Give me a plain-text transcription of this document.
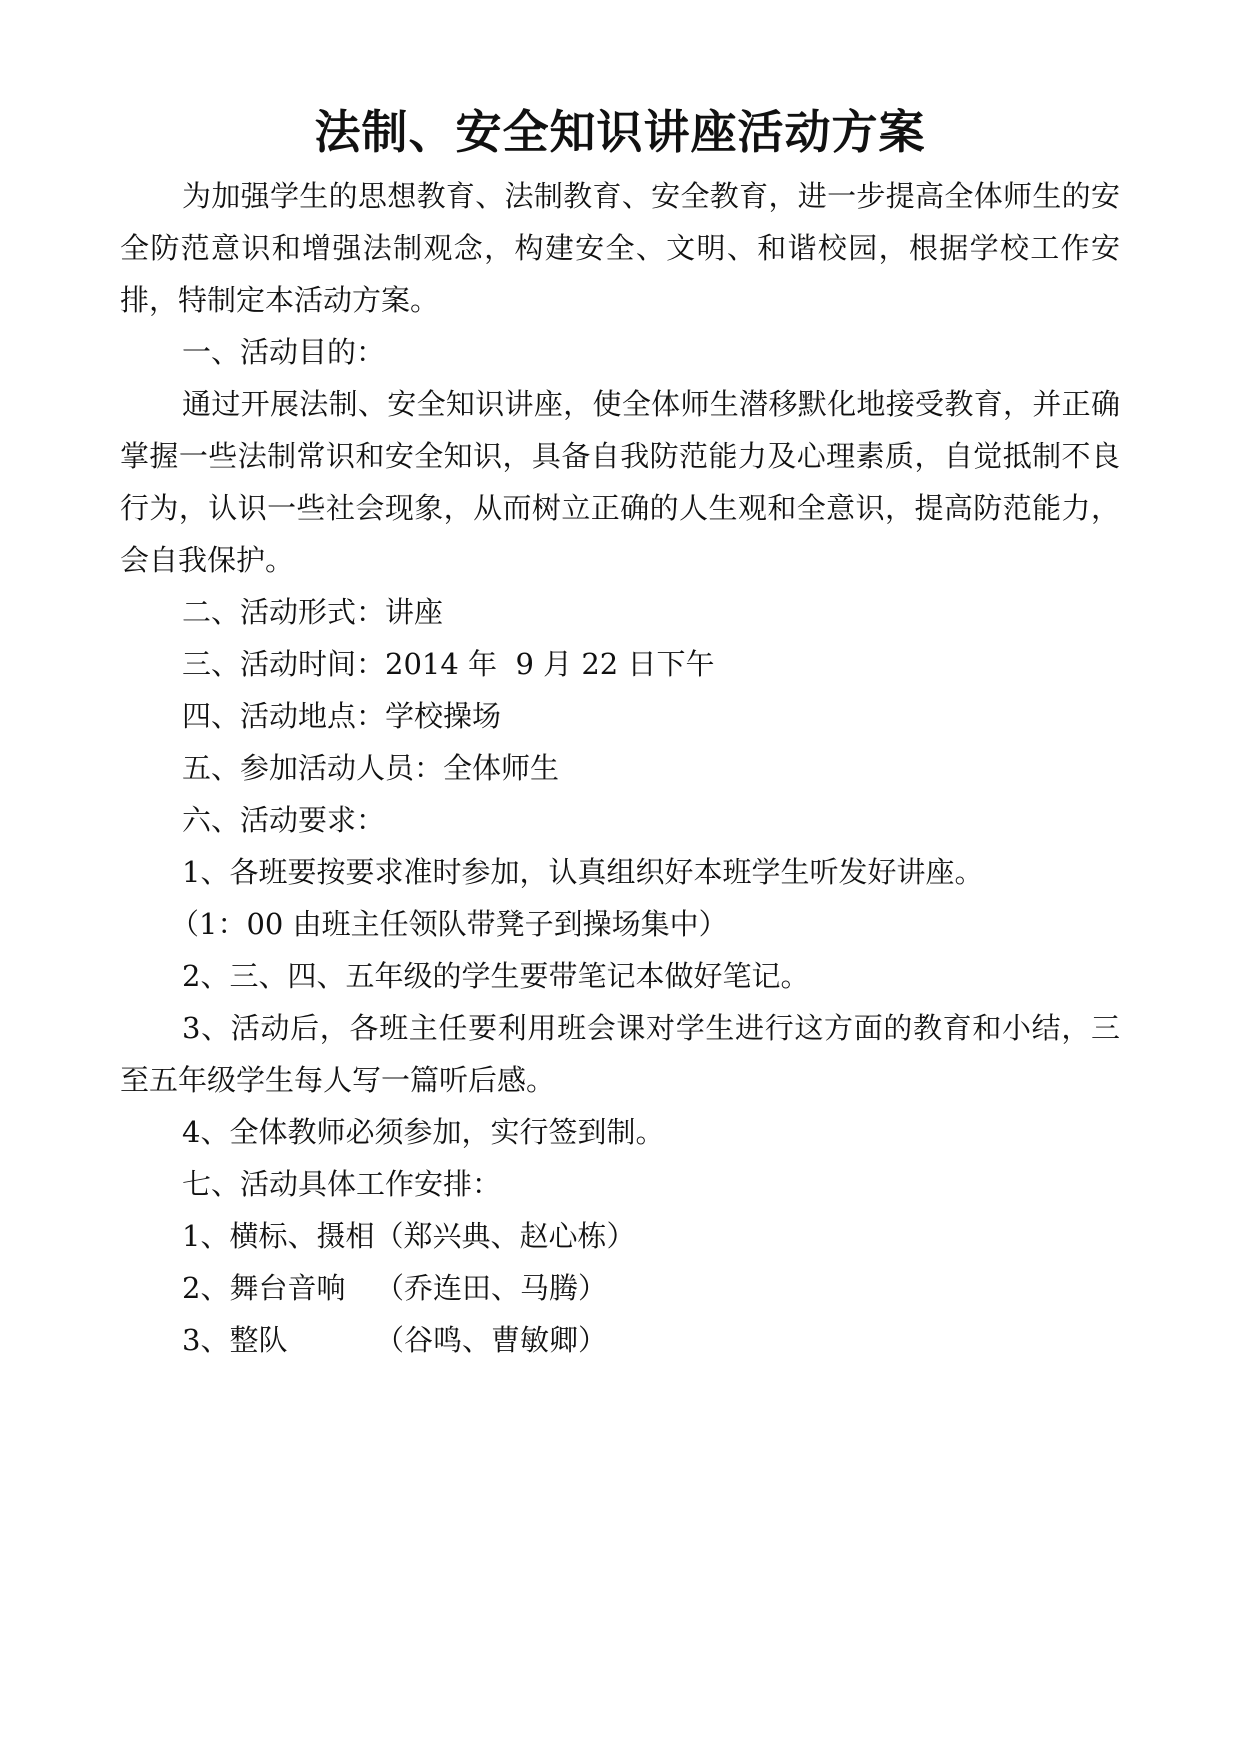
法制、安全知识讲座活动方案
为加强学生的思想教育、法制教育、安全教育，进一步提高全体师生的安全防范意识和增强法制观念，构建安全、文明、和谐校园，根据学校工作安排，特制定本活动方案。
一、活动目的：
通过开展法制、安全知识讲座，使全体师生潜移默化地接受教育，并正确掌握一些法制常识和安全知识，具备自我防范能力及心理素质，自觉抵制不良行为，认识一些社会现象，从而树立正确的人生观和全意识，提高防范能力，会自我保护。
二、活动形式：讲座
三、活动时间：2014 年  9 月 22 日下午
四、活动地点：学校操场
五、参加活动人员：全体师生
六、活动要求：
1、各班要按要求准时参加，认真组织好本班学生听发好讲座。
（1：00 由班主任领队带凳子到操场集中）
2、三、四、五年级的学生要带笔记本做好笔记。
3、活动后，各班主任要利用班会课对学生进行这方面的教育和小结，三至五年级学生每人写一篇听后感。
4、全体教师必须参加，实行签到制。
七、活动具体工作安排：
1、横标、摄相（郑兴典、赵心栋）
2、舞台音响 （乔连田、马腾）
3、整队	（谷鸣、曹敏卿）
